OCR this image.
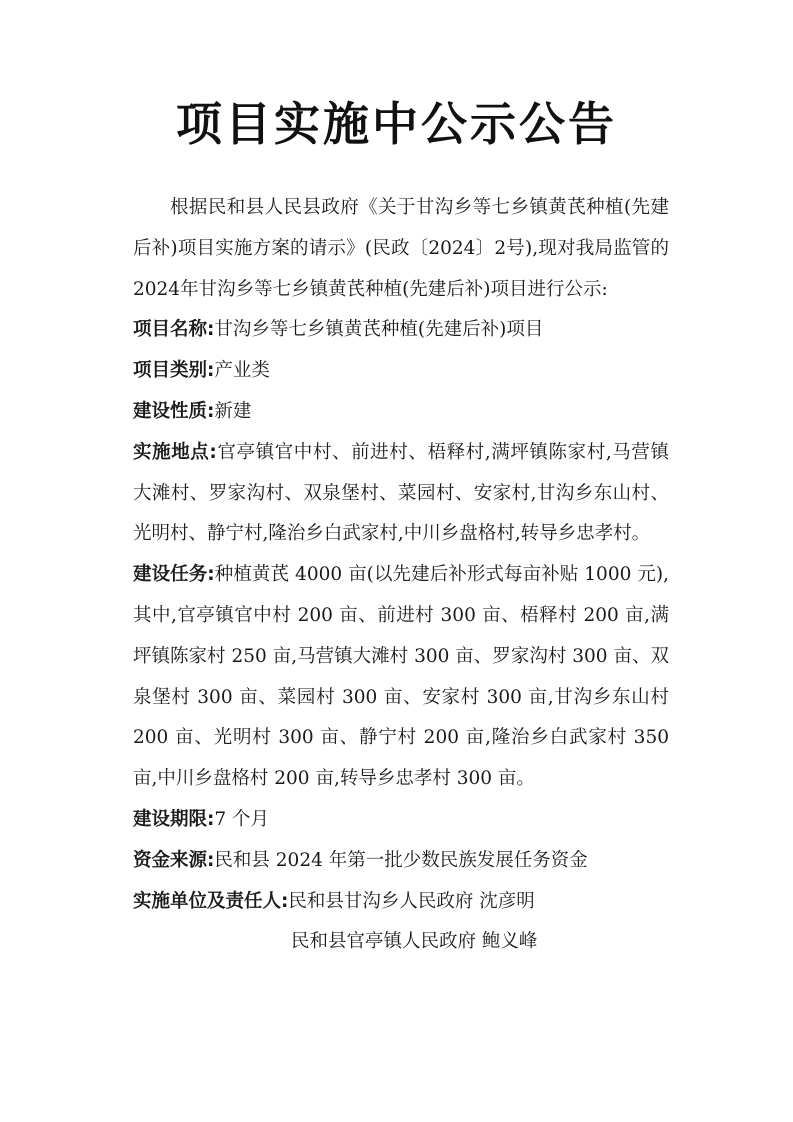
项目实施中公示公告

根据民和县人民县政府《关于甘沟乡等七乡镇黄芪种植(先建后补)项目实施方案的请示》(民政〔2024〕2号),现对我局监管的2024年甘沟乡等七乡镇黄芪种植(先建后补)项目进行公示:

项目名称:甘沟乡等七乡镇黄芪种植(先建后补)项目

项目类别:产业类

建设性质:新建

实施地点:官亭镇官中村、前进村、梧释村,满坪镇陈家村,马营镇大滩村、罗家沟村、双泉堡村、菜园村、安家村,甘沟乡东山村、光明村、静宁村,隆治乡白武家村,中川乡盘格村,转导乡忠孝村。

建设任务:种植黄芪 4000 亩(以先建后补形式每亩补贴 1000 元),其中,官亭镇官中村 200 亩、前进村 300 亩、梧释村 200 亩,满坪镇陈家村 250 亩,马营镇大滩村 300 亩、罗家沟村 300 亩、双泉堡村 300 亩、菜园村 300 亩、安家村 300 亩,甘沟乡东山村 200 亩、光明村 300 亩、静宁村 200 亩,隆治乡白武家村 350 亩,中川乡盘格村 200 亩,转导乡忠孝村 300 亩。

建设期限:7 个月

资金来源:民和县 2024 年第一批少数民族发展任务资金

实施单位及责任人:民和县甘沟乡人民政府 沈彦明

民和县官亭镇人民政府 鲍义峰
